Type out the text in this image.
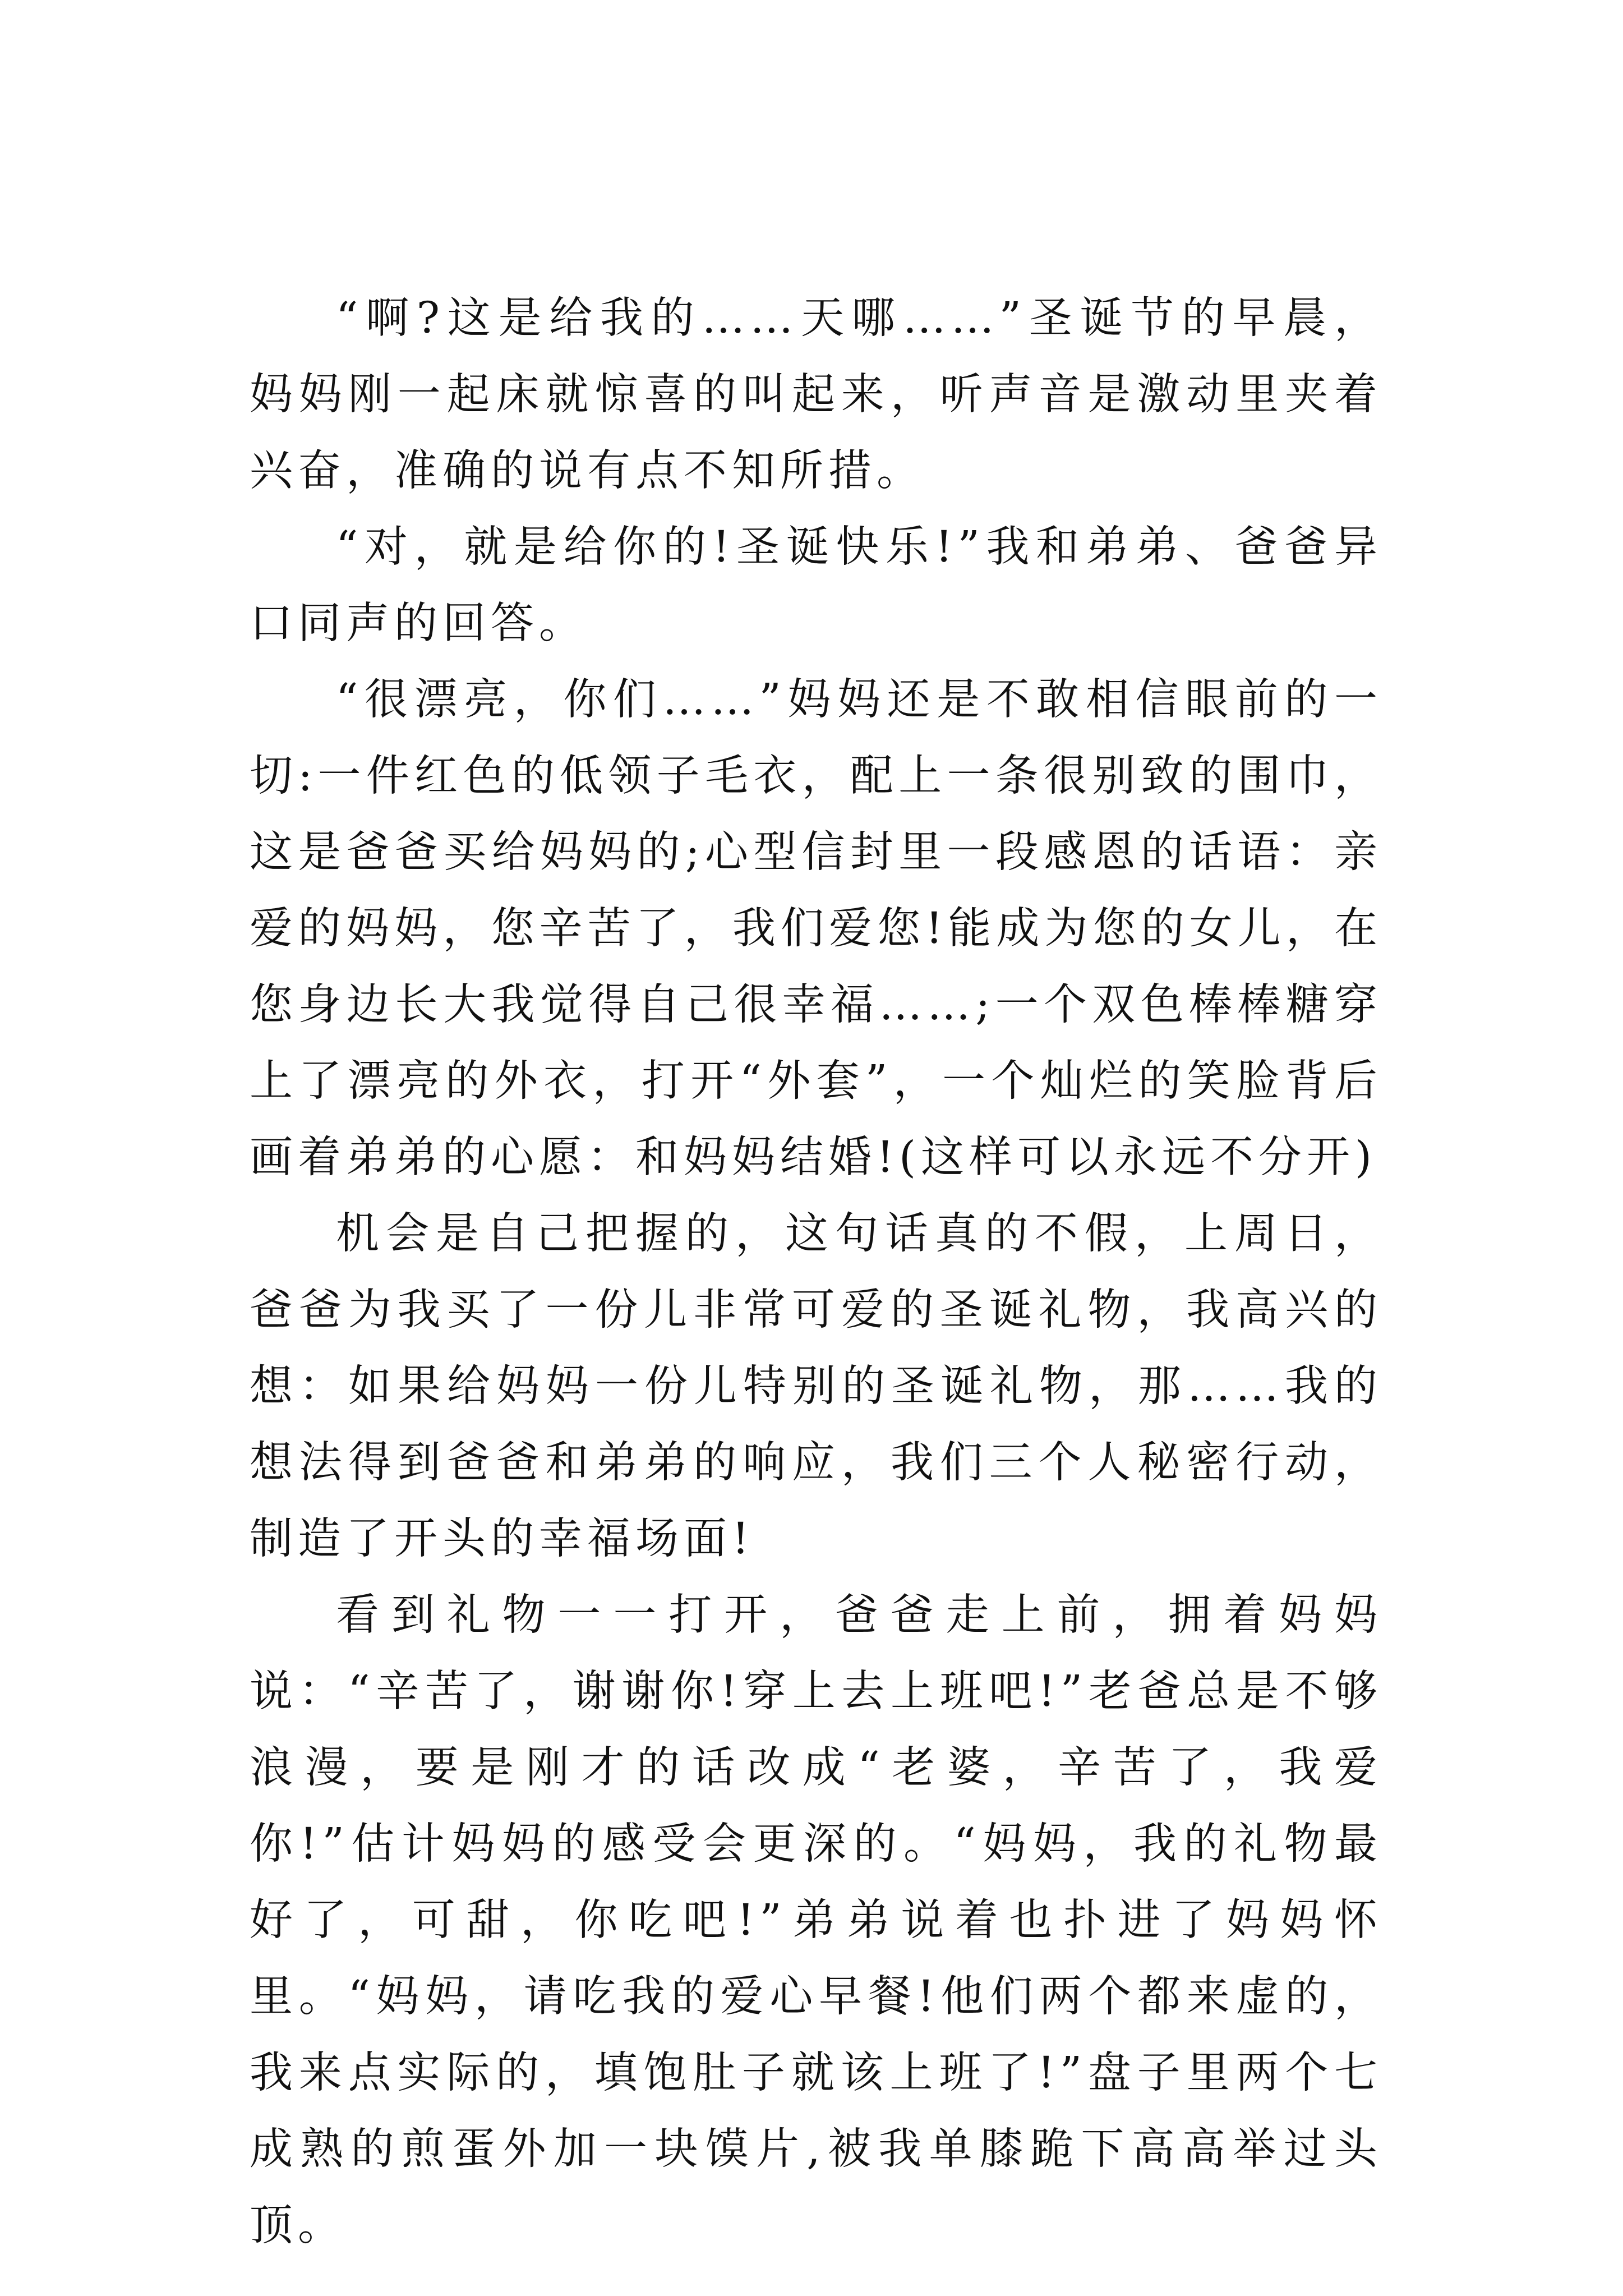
“啊?这是给我的……天哪……”圣诞节的早晨，妈妈刚一起床就惊喜的叫起来，听声音是激动里夹着兴奋，准确的说有点不知所措。

“对，就是给你的!圣诞快乐!”我和弟弟、爸爸异口同声的回答。

“很漂亮，你们……”妈妈还是不敢相信眼前的一切:一件红色的低领子毛衣，配上一条很别致的围巾，这是爸爸买给妈妈的;心型信封里一段感恩的话语：亲爱的妈妈，您辛苦了，我们爱您!能成为您的女儿，在您身边长大我觉得自己很幸福……;一个双色棒棒糖穿上了漂亮的外衣，打开“外套”，一个灿烂的笑脸背后画着弟弟的心愿：和妈妈结婚!(这样可以永远不分开)

机会是自己把握的，这句话真的不假，上周日，爸爸为我买了一份儿非常可爱的圣诞礼物，我高兴的想：如果给妈妈一份儿特别的圣诞礼物，那……我的想法得到爸爸和弟弟的响应，我们三个人秘密行动，制造了开头的幸福场面!

看到礼物一一打开，爸爸走上前，拥着妈妈说：“辛苦了，谢谢你!穿上去上班吧!”老爸总是不够浪漫，要是刚才的话改成“老婆，辛苦了，我爱你!”估计妈妈的感受会更深的。“妈妈，我的礼物最好了，可甜，你吃吧!”弟弟说着也扑进了妈妈怀里。“妈妈，请吃我的爱心早餐!他们两个都来虚的，我来点实际的，填饱肚子就该上班了!”盘子里两个七成熟的煎蛋外加一块馍片,被我单膝跪下高高举过头顶。
